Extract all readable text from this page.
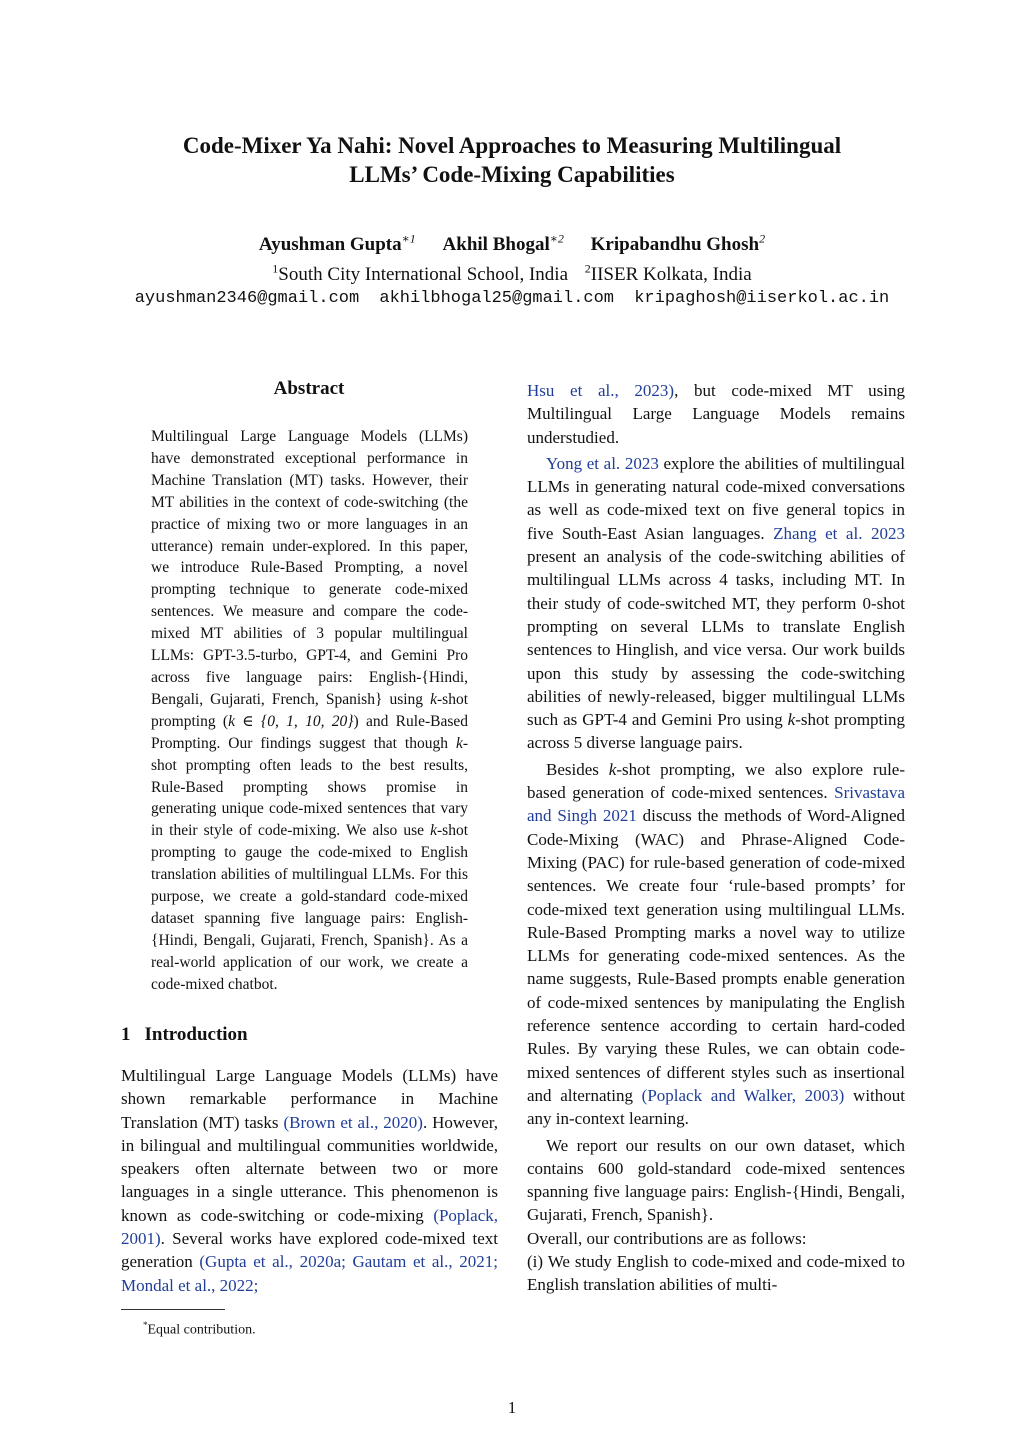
Code-Mixer Ya Nahi: Novel Approaches to Measuring Multilingual
LLMs’ Code-Mixing Capabilities
Ayushman Gupta$^{∗1}$ Akhil Bhogal$^{∗2}$ Kripabandhu Ghosh$^2$
$^1$South City International School, India $^2$IISER Kolkata, India
ayushman2346@gmail.com akhilbhogal25@gmail.com kripaghosh@iiserkol.ac.in
Abstract

Multilingual Large Language Models (LLMs) have demonstrated exceptional performance in Machine Translation (MT) tasks. However, their MT abilities in the context of code-switching (the practice of mixing two or more languages in an utterance) remain under-explored. In this paper, we introduce Rule-Based Prompting, a novel prompting technique to generate code-mixed sentences. We measure and compare the code-mixed MT abilities of 3 popular multilingual LLMs: GPT-3.5-turbo, GPT-4, and Gemini Pro across five language pairs: English-{Hindi, Bengali, Gujarati, French, Spanish} using k-shot prompting (k ∈ {0, 1, 10, 20}) and Rule-Based Prompting. Our findings suggest that though k-shot prompting often leads to the best results, Rule-Based prompting shows promise in generating unique code-mixed sentences that vary in their style of code-mixing. We also use k-shot prompting to gauge the code-mixed to English translation abilities of multilingual LLMs. For this purpose, we create a gold-standard code-mixed dataset spanning five language pairs: English-{Hindi, Bengali, Gujarati, French, Spanish}. As a real-world application of our work, we create a code-mixed chatbot.

1 Introduction

Multilingual Large Language Models (LLMs) have shown remarkable performance in Machine Translation (MT) tasks (Brown et al., 2020). However, in bilingual and multilingual communities worldwide, speakers often alternate between two or more languages in a single utterance. This phenomenon is known as code-switching or code-mixing (Poplack, 2001). Several works have explored code-mixed text generation (Gupta et al., 2020a; Gautam et al., 2021; Mondal et al., 2022;

*Equal contribution.

Hsu et al., 2023), but code-mixed MT using Multilingual Large Language Models remains understudied.

Yong et al. 2023 explore the abilities of multilingual LLMs in generating natural code-mixed conversations as well as code-mixed text on five general topics in five South-East Asian languages. Zhang et al. 2023 present an analysis of the code-switching abilities of multilingual LLMs across 4 tasks, including MT. In their study of code-switched MT, they perform 0-shot prompting on several LLMs to translate English sentences to Hinglish, and vice versa. Our work builds upon this study by assessing the code-switching abilities of newly-released, bigger multilingual LLMs such as GPT-4 and Gemini Pro using k-shot prompting across 5 diverse language pairs.

Besides k-shot prompting, we also explore rule-based generation of code-mixed sentences. Srivastava and Singh 2021 discuss the methods of Word-Aligned Code-Mixing (WAC) and Phrase-Aligned Code-Mixing (PAC) for rule-based generation of code-mixed sentences. We create four ‘rule-based prompts’ for code-mixed text generation using multilingual LLMs. Rule-Based Prompting marks a novel way to utilize LLMs for generating code-mixed sentences. As the name suggests, Rule-Based prompts enable generation of code-mixed sentences by manipulating the English reference sentence according to certain hard-coded Rules. By varying these Rules, we can obtain code-mixed sentences of different styles such as insertional and alternating (Poplack and Walker, 2003) without any in-context learning.

We report our results on our own dataset, which contains 600 gold-standard code-mixed sentences spanning five language pairs: English-{Hindi, Bengali, Gujarati, French, Spanish}.

Overall, our contributions are as follows:

(i) We study English to code-mixed and code-mixed to English translation abilities of multi-

1
